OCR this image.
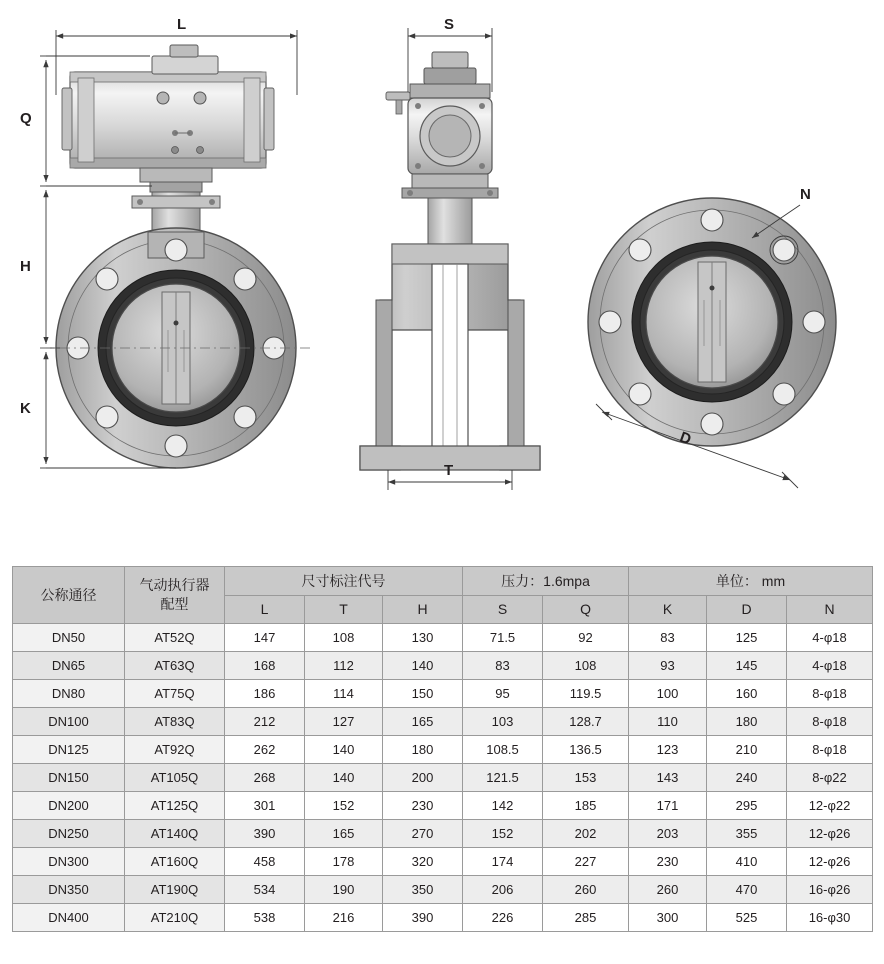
L
Q
H
K
S
T
D
N
公称通径	气动执行器
配型	尺寸标注代号			压力：1.6mpa		单位： mm		
		L	T	H	S	Q	K	D	N
DN50	AT52Q	147	108	130	71.5	92	83	125	4-φ18
DN65	AT63Q	168	112	140	83	108	93	145	4-φ18
DN80	AT75Q	186	114	150	95	119.5	100	160	8-φ18
DN100	AT83Q	212	127	165	103	128.7	110	180	8-φ18
DN125	AT92Q	262	140	180	108.5	136.5	123	210	8-φ18
DN150	AT105Q	268	140	200	121.5	153	143	240	8-φ22
DN200	AT125Q	301	152	230	142	185	171	295	12-φ22
DN250	AT140Q	390	165	270	152	202	203	355	12-φ26
DN300	AT160Q	458	178	320	174	227	230	410	12-φ26
DN350	AT190Q	534	190	350	206	260	260	470	16-φ26
DN400	AT210Q	538	216	390	226	285	300	525	16-φ30
